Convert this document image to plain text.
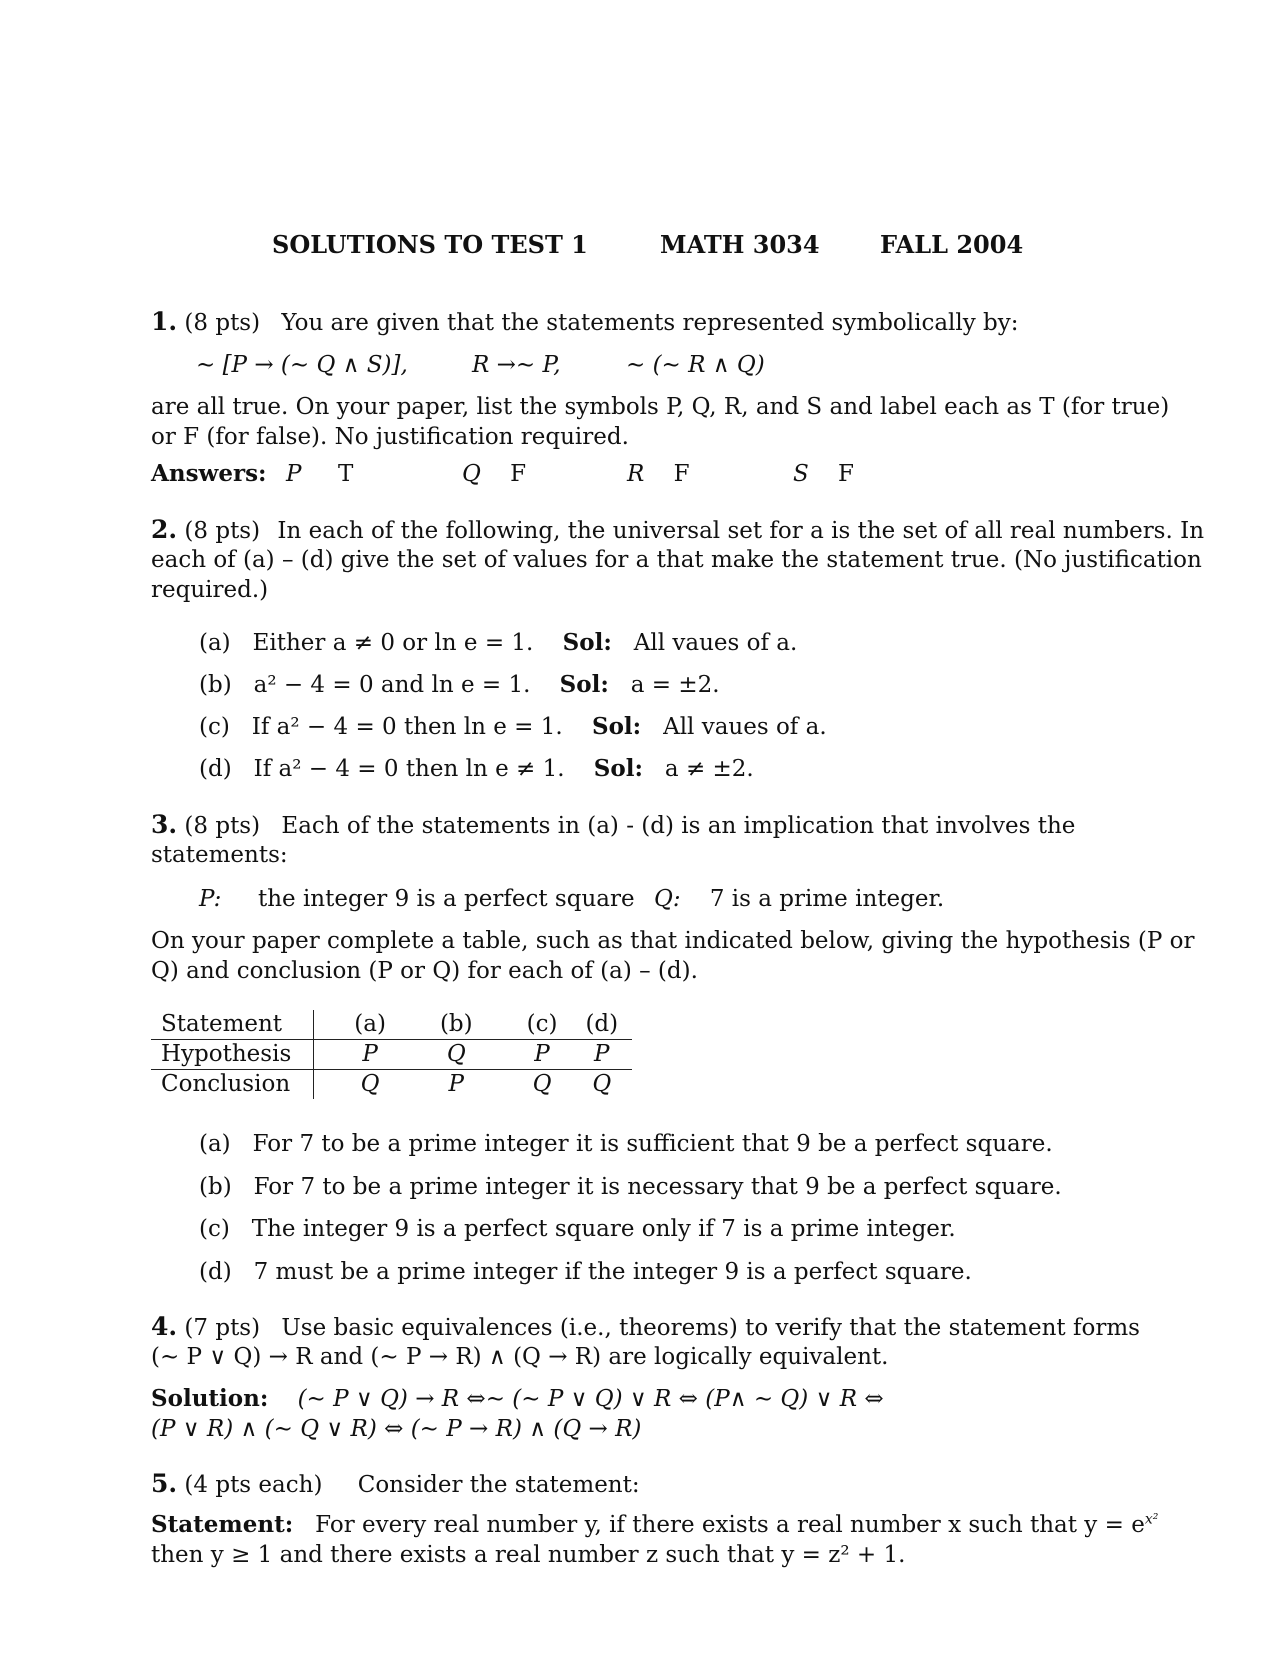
SOLUTIONS TO TEST 1	MATH 3034	FALL 2004
1. (8 pts) You are given that the statements represented symbolically by:
∼ [P → (∼ Q ∧ S)],	R →∼ P,	∼ (∼ R ∧ Q)
are all true. On your paper, list the symbols P, Q, R, and S and label each as T (for true)
or F (for false). No justification required.
Answers: P T	Q F	R F	S F
2. (8 pts) In each of the following, the universal set for a is the set of all real numbers. In
each of (a) – (d) give the set of values for a that make the statement true. (No justification
required.)
(a) Either a ≠ 0 or ln e = 1. Sol: All vaues of a.
(b) a² − 4 = 0 and ln e = 1. Sol: a = ±2.
(c) If a² − 4 = 0 then ln e = 1. Sol: All vaues of a.
(d) If a² − 4 = 0 then ln e ≠ 1. Sol: a ≠ ±2.
3. (8 pts) Each of the statements in (a) - (d) is an implication that involves the
statements:
P: the integer 9 is a perfect square Q: 7 is a prime integer.
On your paper complete a table, such as that indicated below, giving the hypothesis (P or
Q) and conclusion (P or Q) for each of (a) – (d).
Statement	(a)	(b)	(c)	(d)
Hypothesis	P	Q	P	P
Conclusion	Q	P	Q	Q
(a) For 7 to be a prime integer it is sufficient that 9 be a perfect square.
(b) For 7 to be a prime integer it is necessary that 9 be a perfect square.
(c) The integer 9 is a perfect square only if 7 is a prime integer.
(d) 7 must be a prime integer if the integer 9 is a perfect square.
4. (7 pts) Use basic equivalences (i.e., theorems) to verify that the statement forms
(∼ P ∨ Q) → R and (∼ P → R) ∧ (Q → R) are logically equivalent.
Solution: (∼ P ∨ Q) → R ⇔∼ (∼ P ∨ Q) ∨ R ⇔ (P∧ ∼ Q) ∨ R ⇔
(P ∨ R) ∧ (∼ Q ∨ R) ⇔ (∼ P → R) ∧ (Q → R)
5. (4 pts each) Consider the statement:
Statement: For every real number y, if there exists a real number x such that $y = e^{x^2}$
then y ≥ 1 and there exists a real number z such that y = z² + 1.
